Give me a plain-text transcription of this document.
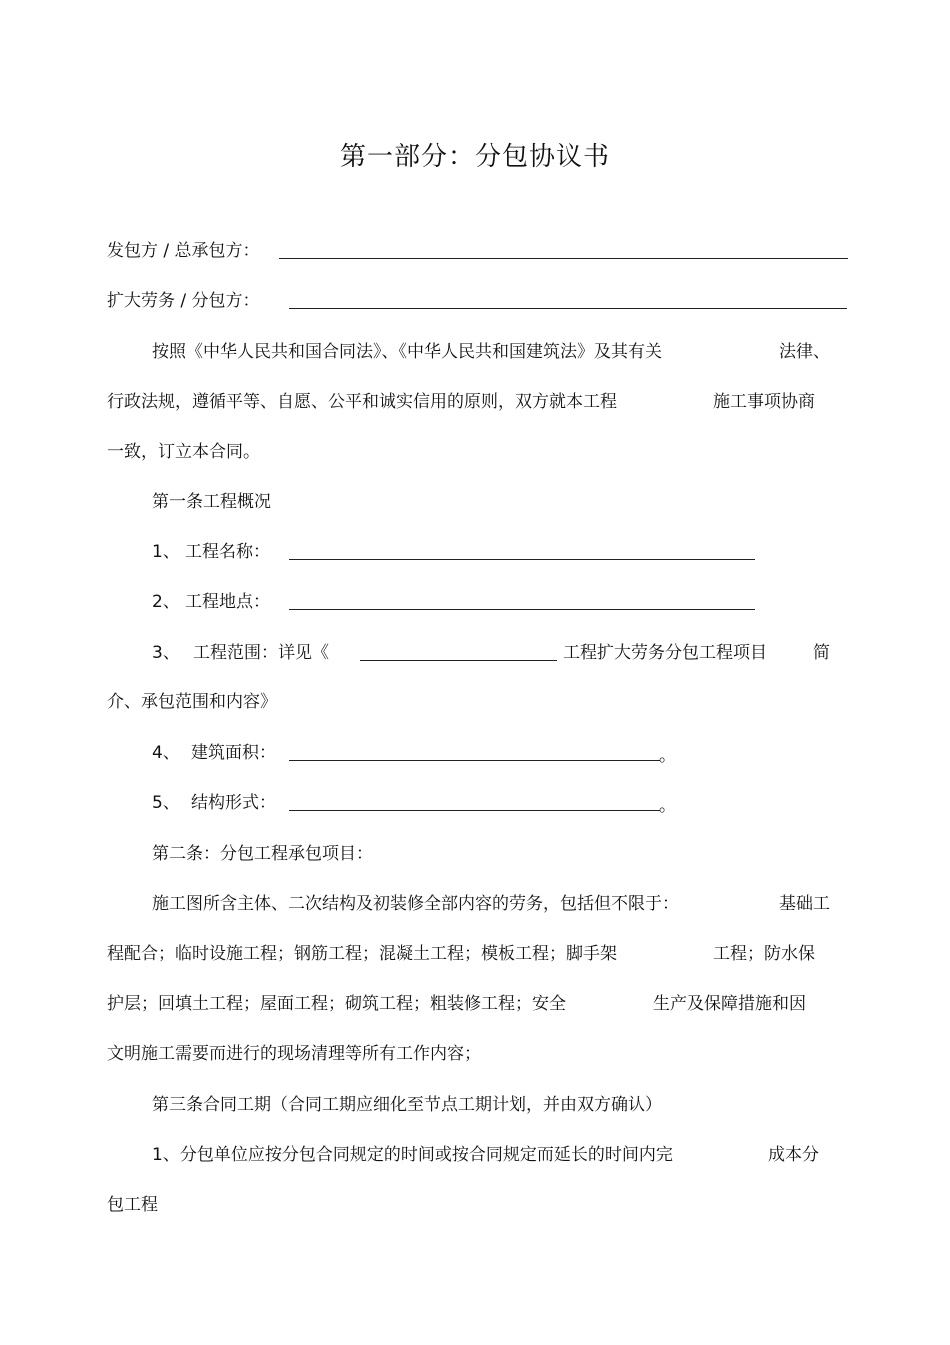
第一部分：分包协议书
发包方 / 总承包方：
扩大劳务 / 分包方：
按照《中华人民共和国合同法》、《中华人民共和国建筑法》及其有关	法律、
行政法规，遵循平等、自愿、公平和诚实信用的原则，双方就本工程	施工事项协商
一致，订立本合同。
第一条工程概况
1、 工程名称：
2、 工程地点：
3、 工程范围：详见《	工程扩大劳务分包工程项目	简
介、承包范围和内容》
4、 建筑面积：	。
5、 结构形式：	。
第二条：分包工程承包项目：
施工图所含主体、二次结构及初装修全部内容的劳务，包括但不限于：	基础工
程配合；临时设施工程；钢筋工程；混凝土工程；模板工程；脚手架	工程；防水保
护层；回填土工程；屋面工程；砌筑工程；粗装修工程；安全	生产及保障措施和因
文明施工需要而进行的现场清理等所有工作内容；
第三条合同工期（合同工期应细化至节点工期计划，并由双方确认）
1、分包单位应按分包合同规定的时间或按合同规定而延长的时间内完	成本分
包工程
